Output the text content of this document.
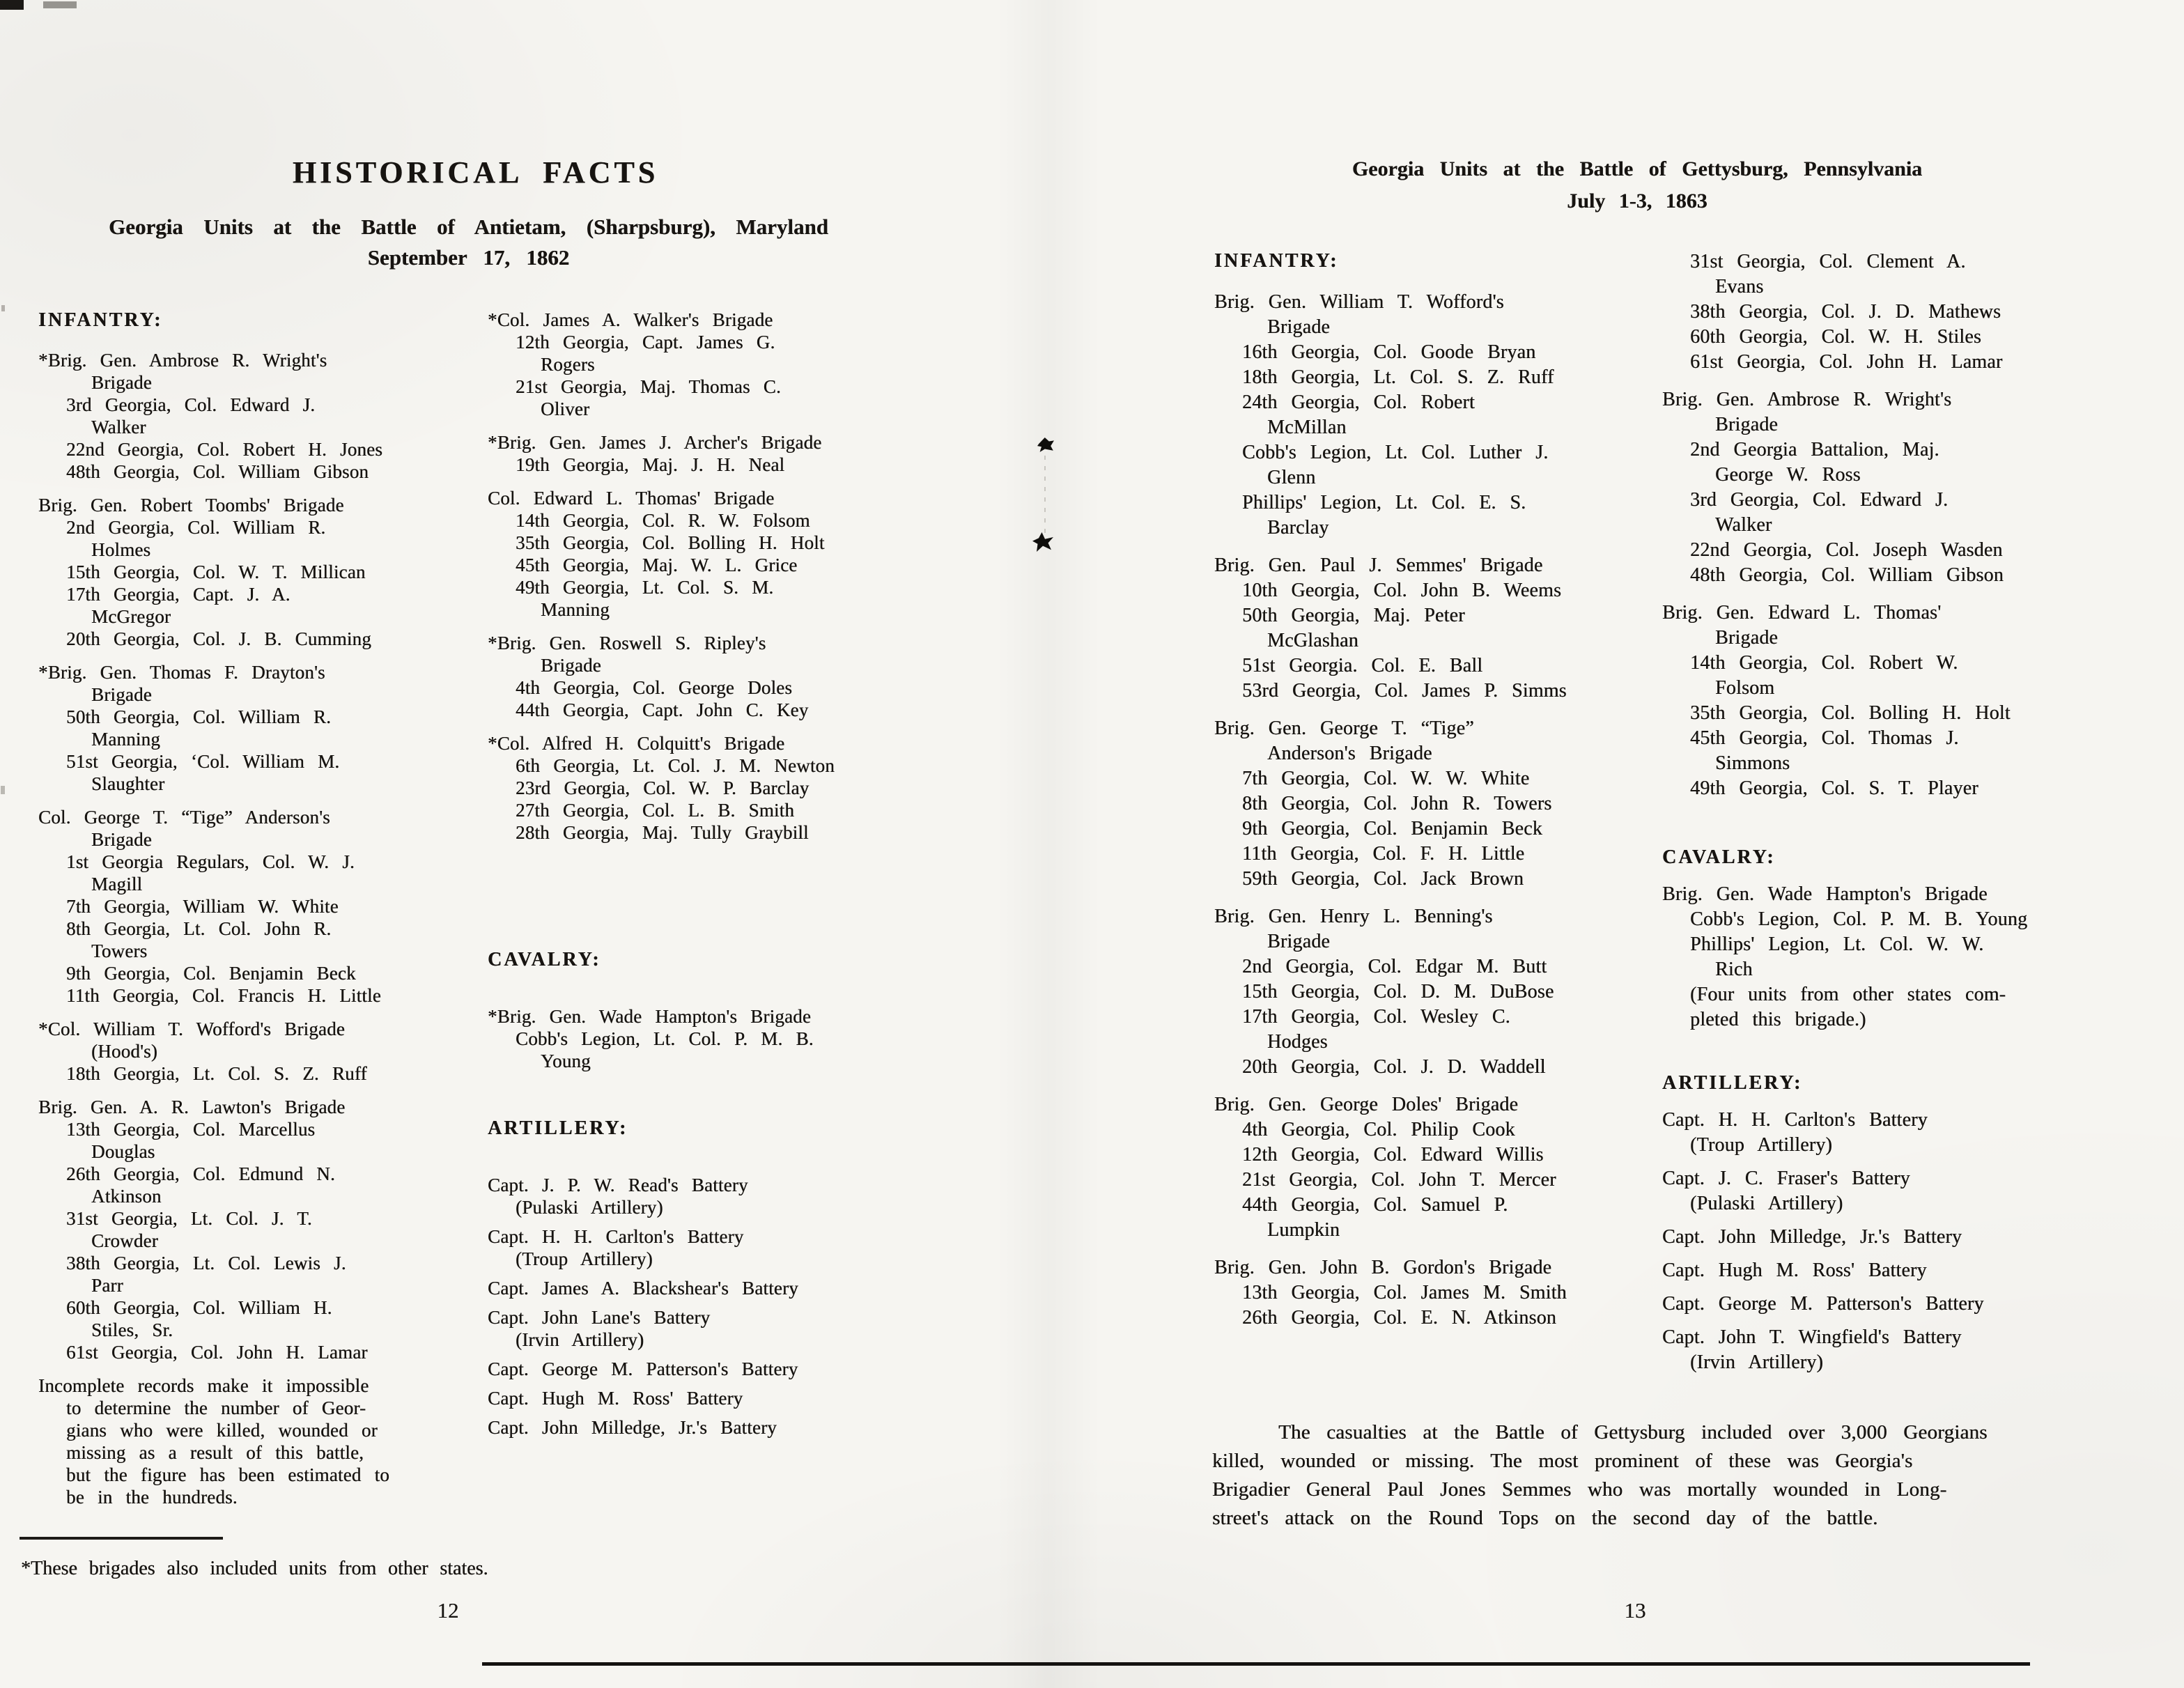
HISTORICAL FACTS
Georgia Units at the Battle of Antietam, (Sharpsburg), Maryland
September 17, 1862
INFANTRY:
*Brig. Gen. Ambrose R. Wright's
Brigade
3rd Georgia, Col. Edward J.
Walker
22nd Georgia, Col. Robert H. Jones
48th Georgia, Col. William Gibson
Brig. Gen. Robert Toombs' Brigade
2nd Georgia, Col. William R.
Holmes
15th Georgia, Col. W. T. Millican
17th Georgia, Capt. J. A.
McGregor
20th Georgia, Col. J. B. Cumming
*Brig. Gen. Thomas F. Drayton's
Brigade
50th Georgia, Col. William R.
Manning
51st Georgia, ‘Col. William M.
Slaughter
Col. George T. “Tige” Anderson's
Brigade
1st Georgia Regulars, Col. W. J.
Magill
7th Georgia, William W. White
8th Georgia, Lt. Col. John R.
Towers
9th Georgia, Col. Benjamin Beck
11th Georgia, Col. Francis H. Little
*Col. William T. Wofford's Brigade
(Hood's)
18th Georgia, Lt. Col. S. Z. Ruff
Brig. Gen. A. R. Lawton's Brigade
13th Georgia, Col. Marcellus
Douglas
26th Georgia, Col. Edmund N.
Atkinson
31st Georgia, Lt. Col. J. T.
Crowder
38th Georgia, Lt. Col. Lewis J.
Parr
60th Georgia, Col. William H.
Stiles, Sr.
61st Georgia, Col. John H. Lamar
Incomplete records make it impossible
to determine the number of Geor-
gians who were killed, wounded or
missing as a result of this battle,
but the figure has been estimated to
be in the hundreds.
*Col. James A. Walker's Brigade
12th Georgia, Capt. James G.
Rogers
21st Georgia, Maj. Thomas C.
Oliver
*Brig. Gen. James J. Archer's Brigade
19th Georgia, Maj. J. H. Neal
Col. Edward L. Thomas' Brigade
14th Georgia, Col. R. W. Folsom
35th Georgia, Col. Bolling H. Holt
45th Georgia, Maj. W. L. Grice
49th Georgia, Lt. Col. S. M.
Manning
*Brig. Gen. Roswell S. Ripley's
Brigade
4th Georgia, Col. George Doles
44th Georgia, Capt. John C. Key
*Col. Alfred H. Colquitt's Brigade
6th Georgia, Lt. Col. J. M. Newton
23rd Georgia, Col. W. P. Barclay
27th Georgia, Col. L. B. Smith
28th Georgia, Maj. Tully Graybill
CAVALRY:
*Brig. Gen. Wade Hampton's Brigade
Cobb's Legion, Lt. Col. P. M. B.
Young
ARTILLERY:
Capt. J. P. W. Read's Battery
(Pulaski Artillery)
Capt. H. H. Carlton's Battery
(Troup Artillery)
Capt. James A. Blackshear's Battery
Capt. John Lane's Battery
(Irvin Artillery)
Capt. George M. Patterson's Battery
Capt. Hugh M. Ross' Battery
Capt. John Milledge, Jr.'s Battery
*These brigades also included units from other states.
12
Georgia Units at the Battle of Gettysburg, Pennsylvania
July 1-3, 1863
INFANTRY:
Brig. Gen. William T. Wofford's
Brigade
16th Georgia, Col. Goode Bryan
18th Georgia, Lt. Col. S. Z. Ruff
24th Georgia, Col. Robert
McMillan
Cobb's Legion, Lt. Col. Luther J.
Glenn
Phillips' Legion, Lt. Col. E. S.
Barclay
Brig. Gen. Paul J. Semmes' Brigade
10th Georgia, Col. John B. Weems
50th Georgia, Maj. Peter
McGlashan
51st Georgia. Col. E. Ball
53rd Georgia, Col. James P. Simms
Brig. Gen. George T. “Tige”
Anderson's Brigade
7th Georgia, Col. W. W. White
8th Georgia, Col. John R. Towers
9th Georgia, Col. Benjamin Beck
11th Georgia, Col. F. H. Little
59th Georgia, Col. Jack Brown
Brig. Gen. Henry L. Benning's
Brigade
2nd Georgia, Col. Edgar M. Butt
15th Georgia, Col. D. M. DuBose
17th Georgia, Col. Wesley C.
Hodges
20th Georgia, Col. J. D. Waddell
Brig. Gen. George Doles' Brigade
4th Georgia, Col. Philip Cook
12th Georgia, Col. Edward Willis
21st Georgia, Col. John T. Mercer
44th Georgia, Col. Samuel P.
Lumpkin
Brig. Gen. John B. Gordon's Brigade
13th Georgia, Col. James M. Smith
26th Georgia, Col. E. N. Atkinson
31st Georgia, Col. Clement A.
Evans
38th Georgia, Col. J. D. Mathews
60th Georgia, Col. W. H. Stiles
61st Georgia, Col. John H. Lamar
Brig. Gen. Ambrose R. Wright's
Brigade
2nd Georgia Battalion, Maj.
George W. Ross
3rd Georgia, Col. Edward J.
Walker
22nd Georgia, Col. Joseph Wasden
48th Georgia, Col. William Gibson
Brig. Gen. Edward L. Thomas'
Brigade
14th Georgia, Col. Robert W.
Folsom
35th Georgia, Col. Bolling H. Holt
45th Georgia, Col. Thomas J.
Simmons
49th Georgia, Col. S. T. Player
CAVALRY:
Brig. Gen. Wade Hampton's Brigade
Cobb's Legion, Col. P. M. B. Young
Phillips' Legion, Lt. Col. W. W.
Rich
(Four units from other states com-
pleted this brigade.)
ARTILLERY:
Capt. H. H. Carlton's Battery
(Troup Artillery)
Capt. J. C. Fraser's Battery
(Pulaski Artillery)
Capt. John Milledge, Jr.'s Battery
Capt. Hugh M. Ross' Battery
Capt. George M. Patterson's Battery
Capt. John T. Wingfield's Battery
(Irvin Artillery)
The casualties at the Battle of Gettysburg included over 3,000 Georgians
killed, wounded or missing. The most prominent of these was Georgia's
Brigadier General Paul Jones Semmes who was mortally wounded in Long-
street's attack on the Round Tops on the second day of the battle.
13
